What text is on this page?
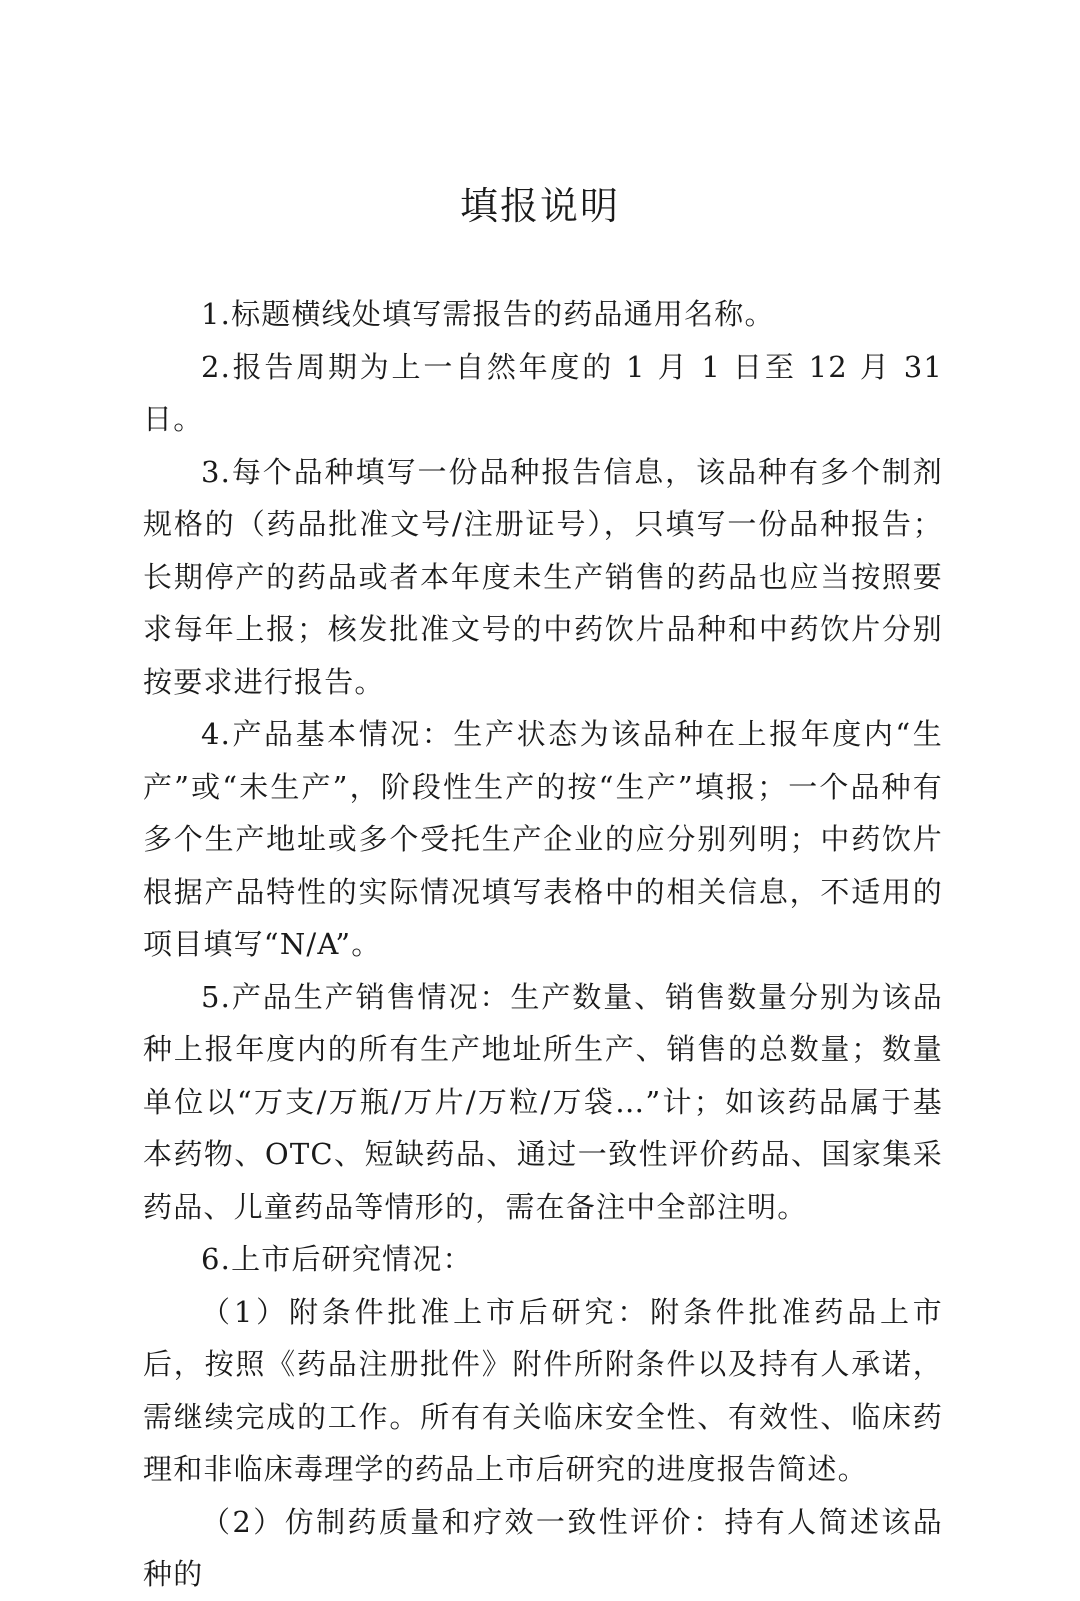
填报说明

1.标题横线处填写需报告的药品通用名称。

2.报告周期为上一自然年度的 1 月 1 日至 12 月 31 日。

3.每个品种填写一份品种报告信息，该品种有多个制剂规格的（药品批准文号/注册证号），只填写一份品种报告；长期停产的药品或者本年度未生产销售的药品也应当按照要求每年上报；核发批准文号的中药饮片品种和中药饮片分别按要求进行报告。

4.产品基本情况：生产状态为该品种在上报年度内“生产”或“未生产”，阶段性生产的按“生产”填报；一个品种有多个生产地址或多个受托生产企业的应分别列明；中药饮片根据产品特性的实际情况填写表格中的相关信息，不适用的项目填写“N/A”。

5.产品生产销售情况：生产数量、销售数量分别为该品种上报年度内的所有生产地址所生产、销售的总数量；数量单位以“万支/万瓶/万片/万粒/万袋…”计；如该药品属于基本药物、OTC、短缺药品、通过一致性评价药品、国家集采药品、儿童药品等情形的，需在备注中全部注明。

6.上市后研究情况：

（1）附条件批准上市后研究：附条件批准药品上市后，按照《药品注册批件》附件所附条件以及持有人承诺，需继续完成的工作。所有有关临床安全性、有效性、临床药理和非临床毒理学的药品上市后研究的进度报告简述。

（2）仿制药质量和疗效一致性评价：持有人简述该品种的
